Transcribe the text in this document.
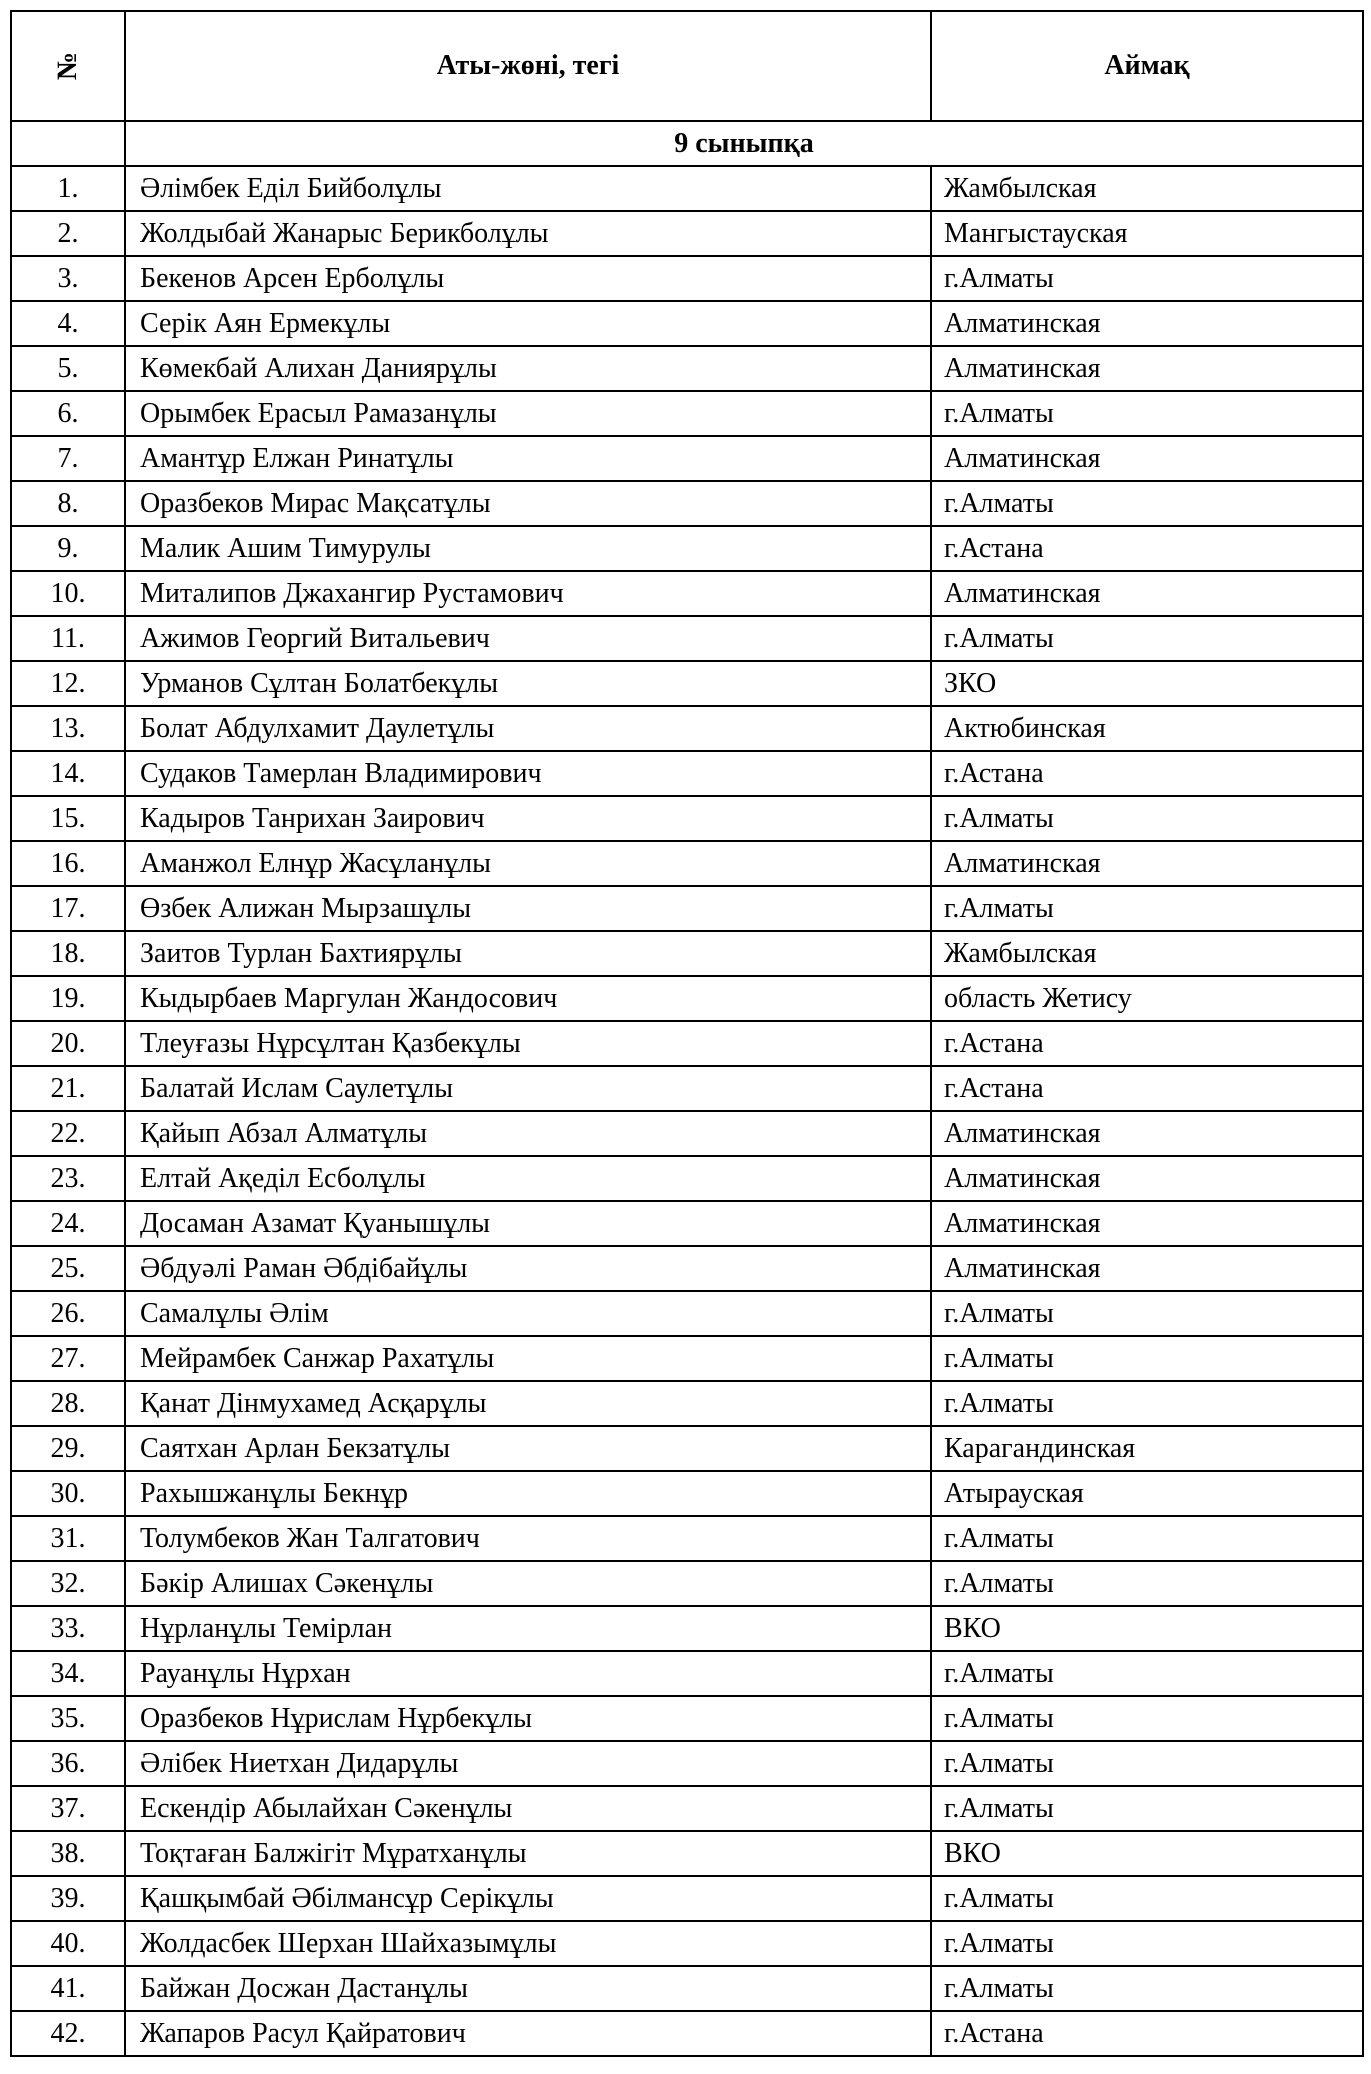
№	Аты-жөні, тегі	Аймақ
	9 сыныпқа	
1.	Әлімбек Еділ Бийболұлы	Жамбылская
2.	Жолдыбай Жанарыс Берикболұлы	Мангыстауская
3.	Бекенов Арсен Ерболұлы	г.Алматы
4.	Серік Аян Ермекұлы	Алматинская
5.	Көмекбай Алихан Даниярұлы	Алматинская
6.	Орымбек Ерасыл Рамазанұлы	г.Алматы
7.	Амантұр Елжан Ринатұлы	Алматинская
8.	Оразбеков Мирас Мақсатұлы	г.Алматы
9.	Малик Ашим Тимурулы	г.Астана
10.	Миталипов Джахангир Рустамович	Алматинская
11.	Ажимов Георгий Витальевич	г.Алматы
12.	Урманов Сұлтан Болатбекұлы	ЗКО
13.	Болат Абдулхамит Даулетұлы	Актюбинская
14.	Судаков Тамерлан Владимирович	г.Астана
15.	Кадыров Танрихан Заирович	г.Алматы
16.	Аманжол Елнұр Жасұланұлы	Алматинская
17.	Өзбек Алижан Мырзашұлы	г.Алматы
18.	Заитов Турлан Бахтиярұлы	Жамбылская
19.	Кыдырбаев Маргулан Жандосович	область Жетису
20.	Тлеуғазы Нұрсұлтан Қазбекұлы	г.Астана
21.	Балатай Ислам Саулетұлы	г.Астана
22.	Қайып Абзал Алматұлы	Алматинская
23.	Елтай Ақеділ Есболұлы	Алматинская
24.	Досаман Азамат Қуанышұлы	Алматинская
25.	Әбдуәлі Раман Әбдібайұлы	Алматинская
26.	Самалұлы Әлім	г.Алматы
27.	Мейрамбек Санжар Рахатұлы	г.Алматы
28.	Қанат Дінмухамед Асқарұлы	г.Алматы
29.	Саятхан Арлан Бекзатұлы	Карагандинская
30.	Рахышжанұлы Бекнұр	Атырауская
31.	Толумбеков Жан Талгатович	г.Алматы
32.	Бәкір Алишах Сәкенұлы	г.Алматы
33.	Нұрланұлы Темірлан	ВКО
34.	Рауанұлы Нұрхан	г.Алматы
35.	Оразбеков Нұрислам Нұрбекұлы	г.Алматы
36.	Әлібек Ниетхан Дидарұлы	г.Алматы
37.	Ескендір Абылайхан Сәкенұлы	г.Алматы
38.	Тоқтаған Балжігіт Мұратханұлы	ВКО
39.	Қашқымбай Әбілмансұр Серікұлы	г.Алматы
40.	Жолдасбек Шерхан Шайхазымұлы	г.Алматы
41.	Байжан Досжан Дастанұлы	г.Алматы
42.	Жапаров Расул Қайратович	г.Астана
